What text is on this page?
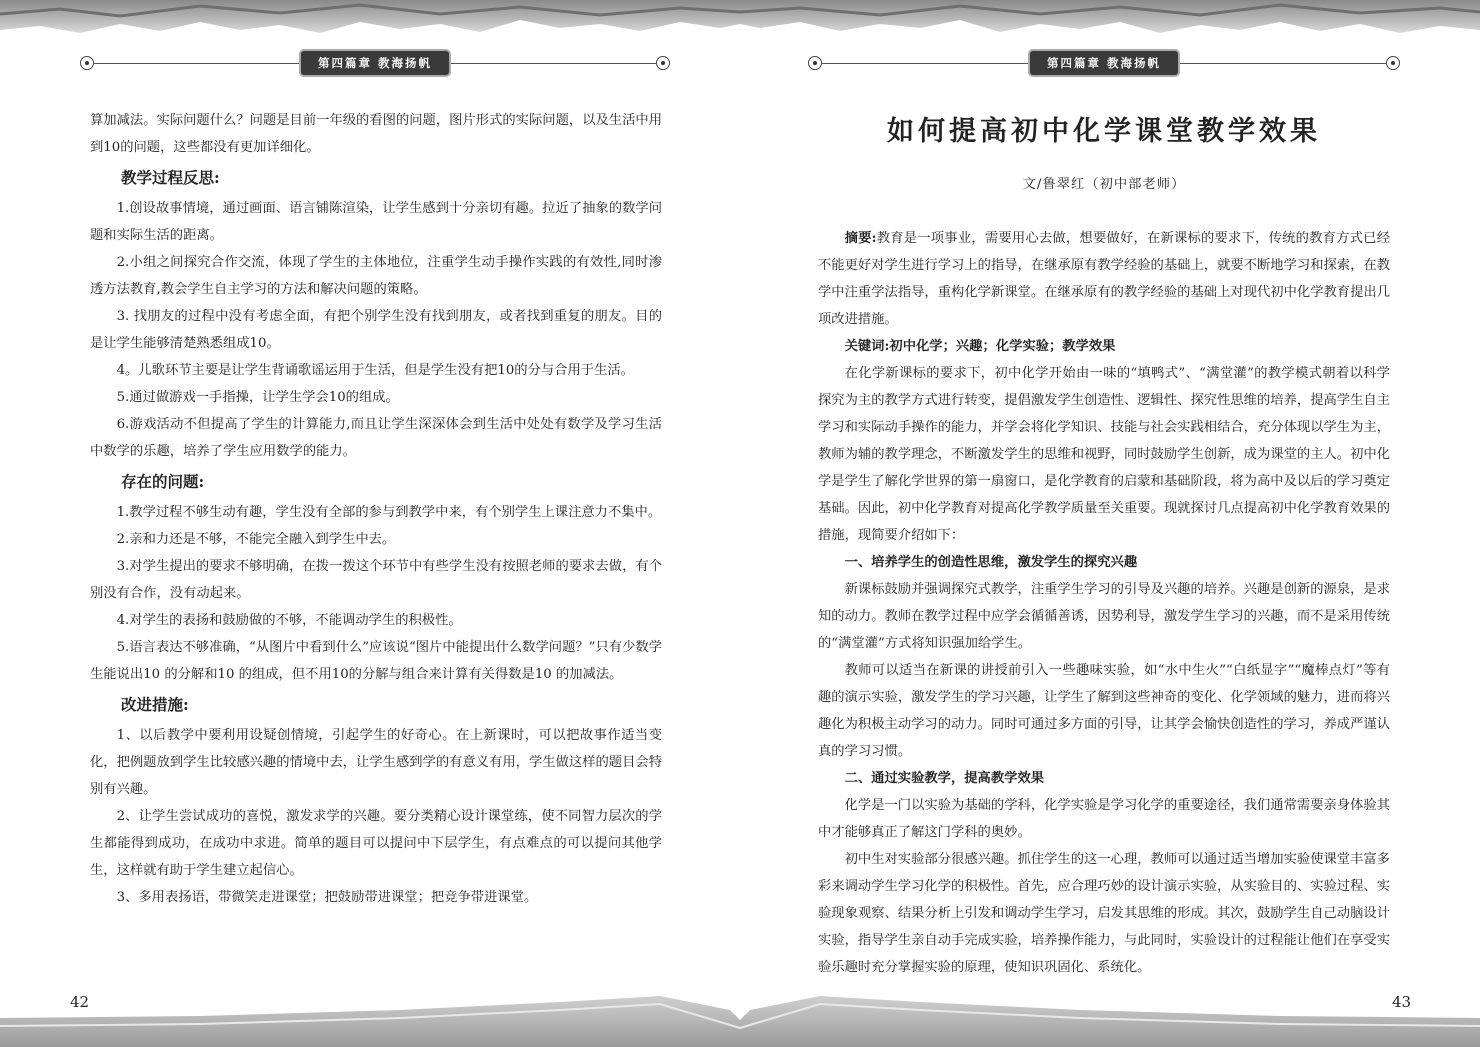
第四篇章 教海扬帆	第四篇章 教海扬帆

算加减法。实际问题什么？问题是目前一年级的看图的问题，图片形式的实际问题，以及生活中用到10的问题，这些都没有更加详细化。

教学过程反思:

1.创设故事情境，通过画面、语言铺陈渲染，让学生感到十分亲切有趣。拉近了抽象的数学问题和实际生活的距离。

2.小组之间探究合作交流，体现了学生的主体地位，注重学生动手操作实践的有效性,同时渗透方法教育,教会学生自主学习的方法和解决问题的策略。

3. 找朋友的过程中没有考虑全面，有把个别学生没有找到朋友，或者找到重复的朋友。目的是让学生能够清楚熟悉组成10。

4。儿歌环节主要是让学生背诵歌谣运用于生活，但是学生没有把10的分与合用于生活。

5.通过做游戏一手指操，让学生学会10的组成。

6.游戏活动不但提高了学生的计算能力,而且让学生深深体会到生活中处处有数学及学习生活中数学的乐趣，培养了学生应用数学的能力。

存在的问题:

1.教学过程不够生动有趣，学生没有全部的参与到教学中来，有个别学生上课注意力不集中。

2.亲和力还是不够，不能完全融入到学生中去。

3.对学生提出的要求不够明确，在拨一拨这个环节中有些学生没有按照老师的要求去做，有个别没有合作，没有动起来。

4.对学生的表扬和鼓励做的不够，不能调动学生的积极性。

5.语言表达不够准确，“从图片中看到什么”应该说“图片中能提出什么数学问题？”只有少数学生能说出10 的分解和10 的组成，但不用10的分解与组合来计算有关得数是10 的加减法。

改进措施:

1、以后教学中要利用设疑创情境，引起学生的好奇心。在上新课时，可以把故事作适当变化，把例题放到学生比较感兴趣的情境中去，让学生感到学的有意义有用，学生做这样的题目会特别有兴趣。

2、让学生尝试成功的喜悦，激发求学的兴趣。要分类精心设计课堂练，使不同智力层次的学生都能得到成功，在成功中求进。简单的题目可以提问中下层学生，有点难点的可以提问其他学生，这样就有助于学生建立起信心。

3、多用表扬语，带微笑走进课堂；把鼓励带进课堂；把竞争带进课堂。

42
如何提高初中化学课堂教学效果
文/鲁翠红（初中部老师）

摘要:教育是一项事业，需要用心去做，想要做好，在新课标的要求下，传统的教育方式已经不能更好对学生进行学习上的指导，在继承原有教学经验的基础上，就要不断地学习和探索，在教学中注重学法指导，重构化学新课堂。在继承原有的教学经验的基础上对现代初中化学教育提出几项改进措施。

关键词:初中化学；兴趣；化学实验；教学效果

在化学新课标的要求下，初中化学开始由一味的“填鸭式”、“满堂灌”的教学模式朝着以科学探究为主的教学方式进行转变，提倡激发学生创造性、逻辑性、探究性思维的培养，提高学生自主学习和实际动手操作的能力，并学会将化学知识、技能与社会实践相结合，充分体现以学生为主，教师为辅的教学理念，不断激发学生的思维和视野，同时鼓励学生创新，成为课堂的主人。初中化学是学生了解化学世界的第一扇窗口，是化学教育的启蒙和基础阶段，将为高中及以后的学习奠定基础。因此，初中化学教育对提高化学教学质量至关重要。现就探讨几点提高初中化学教育效果的措施，现简要介绍如下：

一、培养学生的创造性思维，激发学生的探究兴趣

新课标鼓励并强调探究式教学，注重学生学习的引导及兴趣的培养。兴趣是创新的源泉，是求知的动力。教师在教学过程中应学会循循善诱，因势利导，激发学生学习的兴趣，而不是采用传统的“满堂灌”方式将知识强加给学生。

教师可以适当在新课的讲授前引入一些趣味实验，如“水中生火”“白纸显字”“魔棒点灯”等有趣的演示实验，激发学生的学习兴趣，让学生了解到这些神奇的变化、化学领域的魅力，进而将兴趣化为积极主动学习的动力。同时可通过多方面的引导，让其学会愉快创造性的学习，养成严谨认真的学习习惯。

二、通过实验教学，提高教学效果

化学是一门以实验为基础的学科，化学实验是学习化学的重要途径，我们通常需要亲身体验其中才能够真正了解这门学科的奥妙。

初中生对实验部分很感兴趣。抓住学生的这一心理，教师可以通过适当增加实验使课堂丰富多彩来调动学生学习化学的积极性。首先，应合理巧妙的设计演示实验，从实验目的、实验过程、实验现象观察、结果分析上引发和调动学生学习，启发其思维的形成。其次，鼓励学生自己动脑设计实验，指导学生亲自动手完成实验，培养操作能力，与此同时，实验设计的过程能让他们在享受实验乐趣时充分掌握实验的原理，使知识巩固化、系统化。

43
